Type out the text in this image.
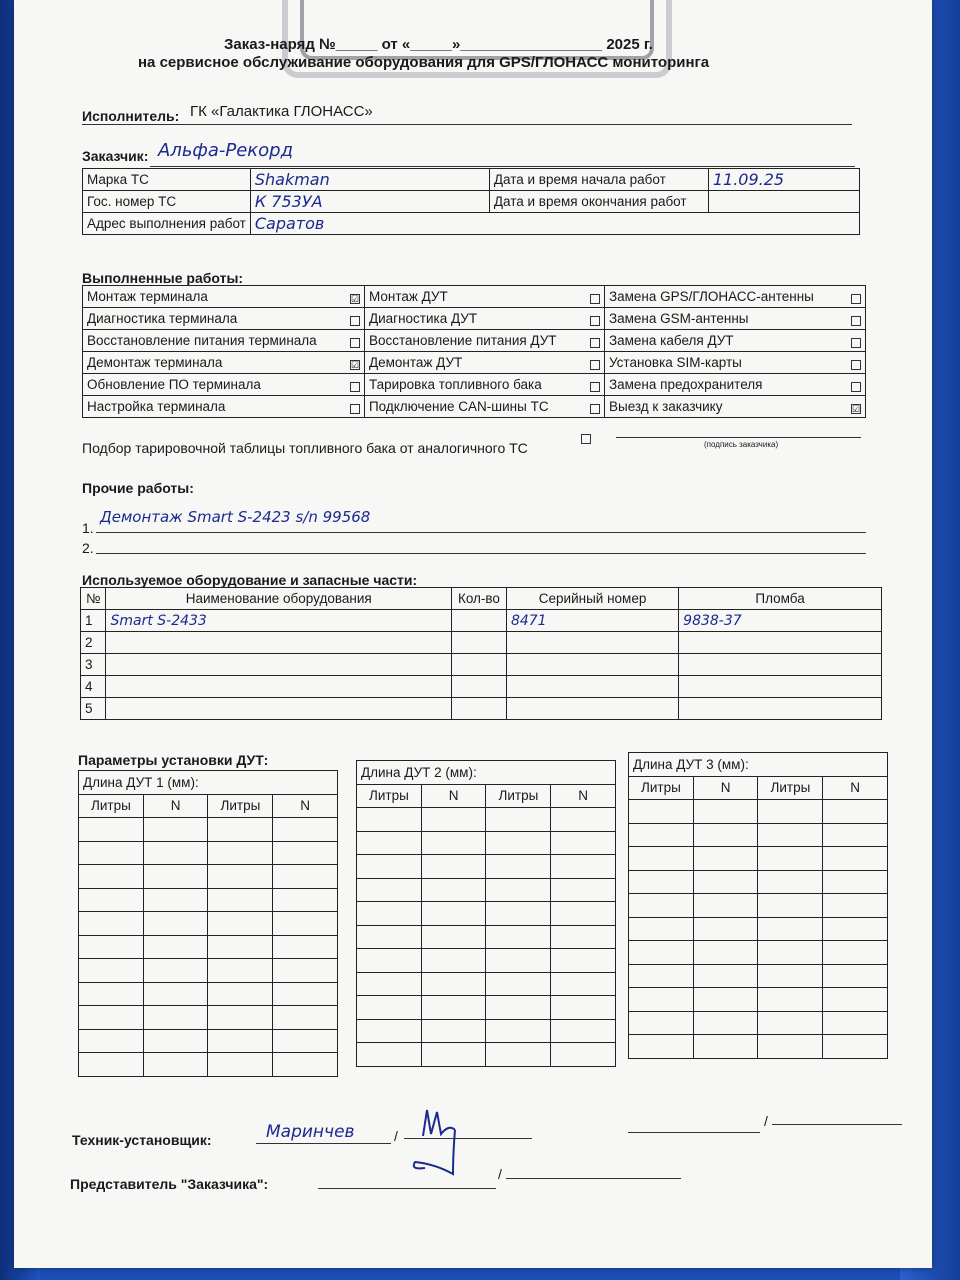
Заказ-наряд №_____ от «_____»_________________ 2025 г.
на сервисное обслуживание оборудования для GPS/ГЛОНАСС мониторинга
Исполнитель: ГК «Галактика ГЛОНАСС»
Заказчик: Альфа-Рекорд
Марка ТС	Shakman	Дата и время начала работ	11.09.25
Гос. номер ТС	К 753УА	Дата и время окончания работ	
Адрес выполнения работ	Саратов		
Выполненные работы:
Монтаж терминала ☑	Монтаж ДУТ	Замена GPS/ГЛОНАСС-антенны

Диагностика терминала	Диагностика ДУТ	Замена GSM-антенны

Восстановление питания терминала	Восстановление питания ДУТ	Замена кабеля ДУТ

Демонтаж терминала ☑	Демонтаж ДУТ	Установка SIM-карты

Обновление ПО терминала	Тарировка топливного бака	Замена предохранителя

Настройка терминала	Подключение CAN-шины ТС	Выезд к заказчику ☑
Подбор тарировочной таблицы топливного бака от аналогичного ТС	(подпись заказчика)
Прочие работы:
1.
Демонтаж Smart S-2423 s/n 99568
2.
Используемое оборудование и запасные части:
№	Наименование оборудования	Кол-во	Серийный номер	Пломба
1	Smart S-2433		8471	9838-37
2				
3				
4				
5				
Параметры установки ДУТ:
Длина ДУТ 1 (мм):			
Литры	N	Литры	N

Длина ДУТ 2 (мм):			
Литры	N	Литры	N

Длина ДУТ 3 (мм):			
Литры	N	Литры	N

Техник-установщик:	Маринчев	/
/
Представитель "Заказчика":
/
